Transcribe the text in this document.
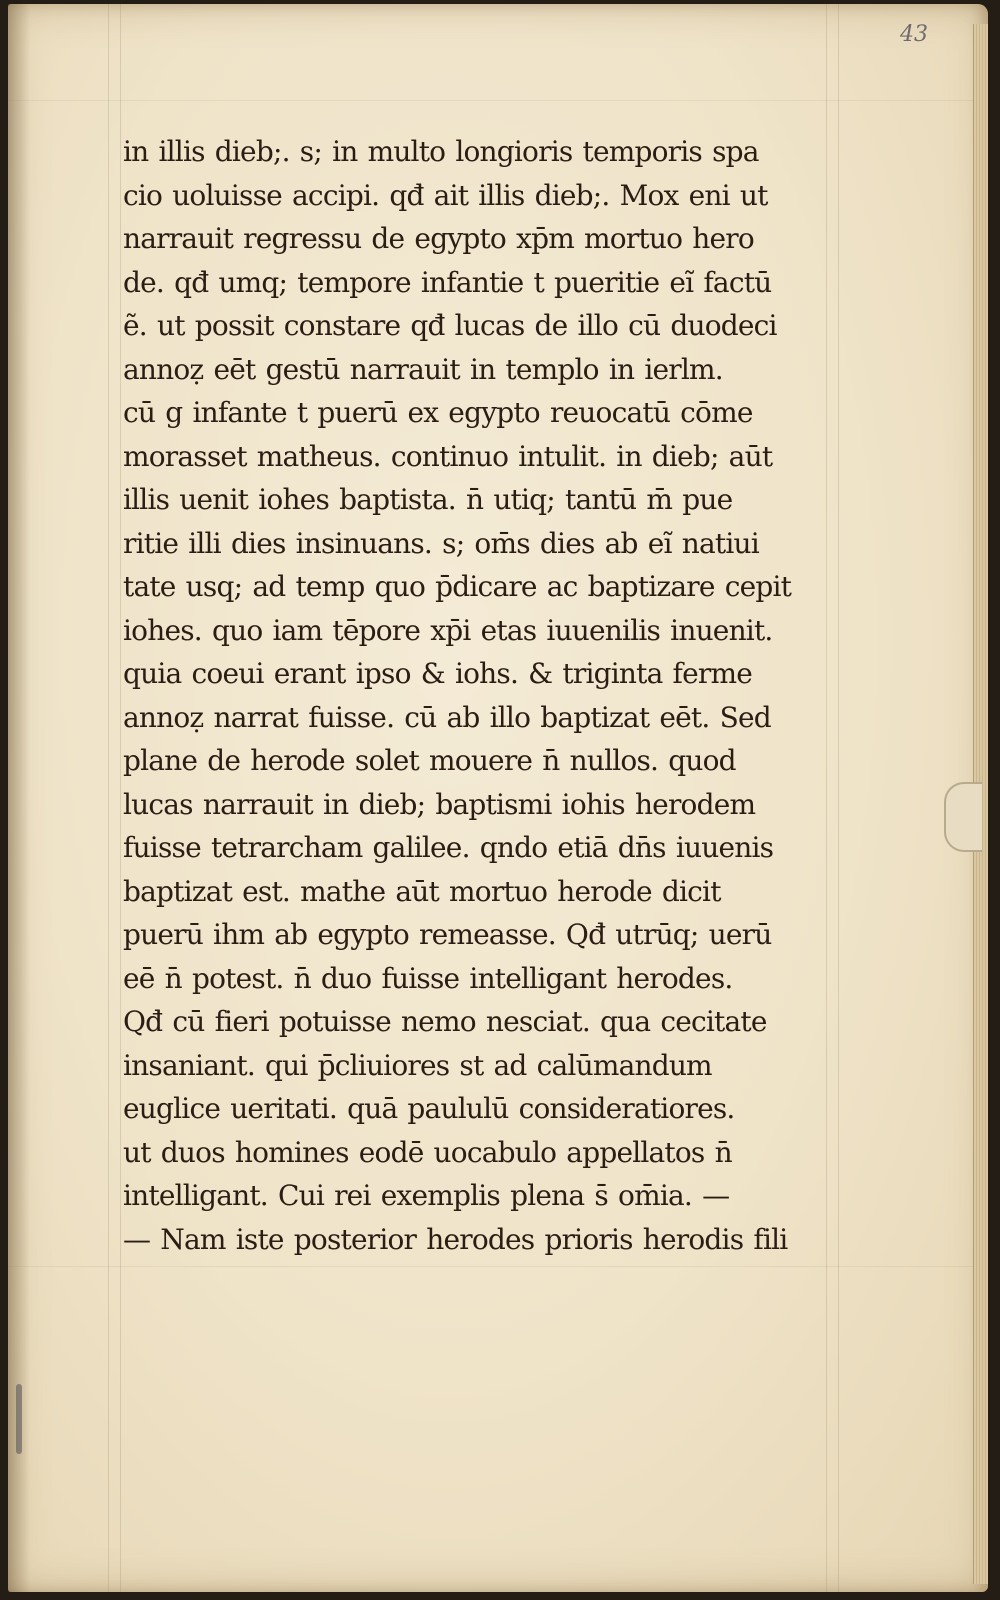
43
in illis dieb;. s; in multo longioris temporis spa
cio uoluisse accipi. qđ ait illis dieb;. Mox eni ut
narrauit regressu de egypto xp̄m mortuo hero
de. qđ umq; tempore infantie t pueritie eĩ factū
ẽ. ut possit constare qđ lucas de illo cū duodeci
annoẓ eēt gestū narrauit in templo in ierlm.
cū g infante t puerū ex egypto reuocatū cōme
morasset matheus. continuo intulit. in dieb; aūt
illis uenit iohes baptista. n̄ utiq; tantū m̄ pue
ritie illi dies insinuans. s; om̄s dies ab eĩ natiui
tate usq; ad temp quo p̄dicare ac baptizare cepit
iohes. quo iam tēpore xp̄i etas iuuenilis inuenit.
quia coeui erant ipso & iohs. & triginta ferme
annoẓ narrat fuisse. cū ab illo baptizat eēt. Sed
plane de herode solet mouere n̄ nullos. quod
lucas narrauit in dieb; baptismi iohis herodem
fuisse tetrarcham galilee. qndo etiā dn̄s iuuenis
baptizat est. mathe aūt mortuo herode dicit
puerū ihm ab egypto remeasse. Qđ utrūq; uerū
eē n̄ potest. n̄ duo fuisse intelligant herodes.
Qđ cū fieri potuisse nemo nesciat. qua cecitate
insaniant. qui p̄cliuiores st ad calūmandum
euglice ueritati. quā paululū consideratiores.
ut duos homines eodē uocabulo appellatos n̄
intelligant. Cui rei exemplis plena s̄ om̄ia. —
— Nam iste posterior herodes prioris herodis fili
